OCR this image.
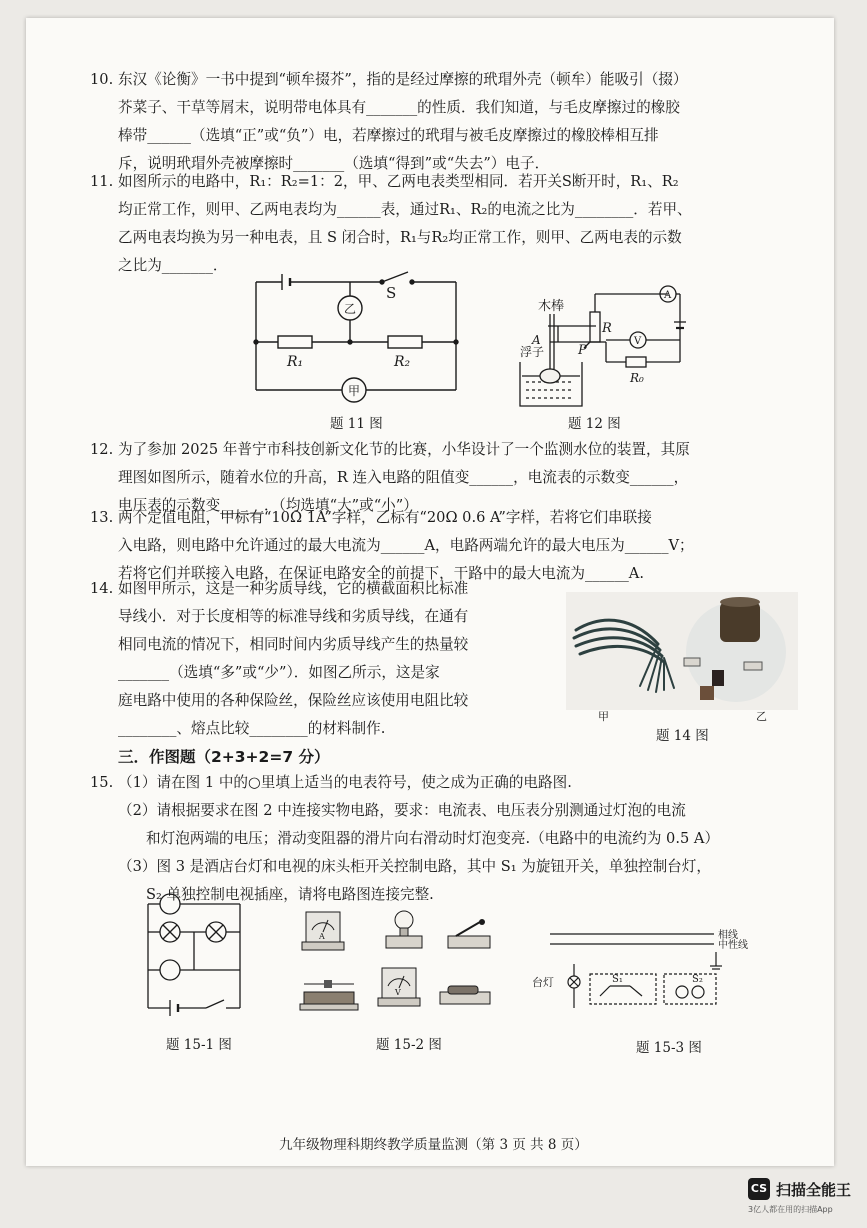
10. 东汉《论衡》一书中提到“顿牟掇芥”，指的是经过摩擦的玳瑁外壳（顿牟）能吸引（掇）
芥菜子、干草等屑末，说明带电体具有_______的性质．我们知道，与毛皮摩擦过的橡胶
棒带______（选填“正”或“负”）电，若摩擦过的玳瑁与被毛皮摩擦过的橡胶棒相互排
斥，说明玳瑁外壳被摩擦时_______（选填“得到”或“失去”）电子．
11. 如图所示的电路中，R₁：R₂=1：2，甲、乙两电表类型相同．若开关S断开时，R₁、R₂
均正常工作，则甲、乙两电表均为______表，通过R₁、R₂的电流之比为________．若甲、
乙两电表均换为另一种电表，且 S 闭合时，R₁与R₂均正常工作，则甲、乙两电表的示数
之比为_______．
S
乙
R₁	R₂
甲
题 11 图
木棒
A
浮子	P
R
R₀
A
V
题 12 图
12. 为了参加 2025 年普宁市科技创新文化节的比赛，小华设计了一个监测水位的装置，其原
理图如图所示，随着水位的升高，R 连入电路的阻值变______，电流表的示数变______，
电压表的示数变______．（均选填“大”或“小”）
13. 两个定值电阻，甲标有“10Ω 1A”字样，乙标有“20Ω 0.6 A”字样，若将它们串联接
入电路，则电路中允许通过的最大电流为______A，电路两端允许的最大电压为______V；
若将它们并联接入电路，在保证电路安全的前提下，干路中的最大电流为______A.
14. 如图甲所示，这是一种劣质导线，它的横截面积比标准
导线小．对于长度相等的标准导线和劣质导线，在通有
相同电流的情况下，相同时间内劣质导线产生的热量较
_______（选填“多”或“少”）．如图乙所示，这是家
庭电路中使用的各种保险丝，保险丝应该使用电阻比较
________、熔点比较________的材料制作.
甲	乙
题 14 图
三．作图题（2+3+2=7 分）
15. （1）请在图 1 中的○里填上适当的电表符号，使之成为正确的电路图.
（2）请根据要求在图 2 中连接实物电路，要求：电流表、电压表分别测通过灯泡的电流
和灯泡两端的电压；滑动变阻器的滑片向右滑动时灯泡变亮.（电路中的电流约为 0.5 A）
（3）图 3 是酒店台灯和电视的床头柜开关控制电路，其中 S₁ 为旋钮开关，单独控制台灯，
S₂ 单独控制电视插座，请将电路图连接完整.
题 15-1 图
A
V
题 15-2 图
相线
中性线
台灯	S₁	S₂
题 15-3 图
九年级物理科期终教学质量监测（第 3 页 共 8 页）
CS 扫描全能王
3亿人都在用的扫描App
